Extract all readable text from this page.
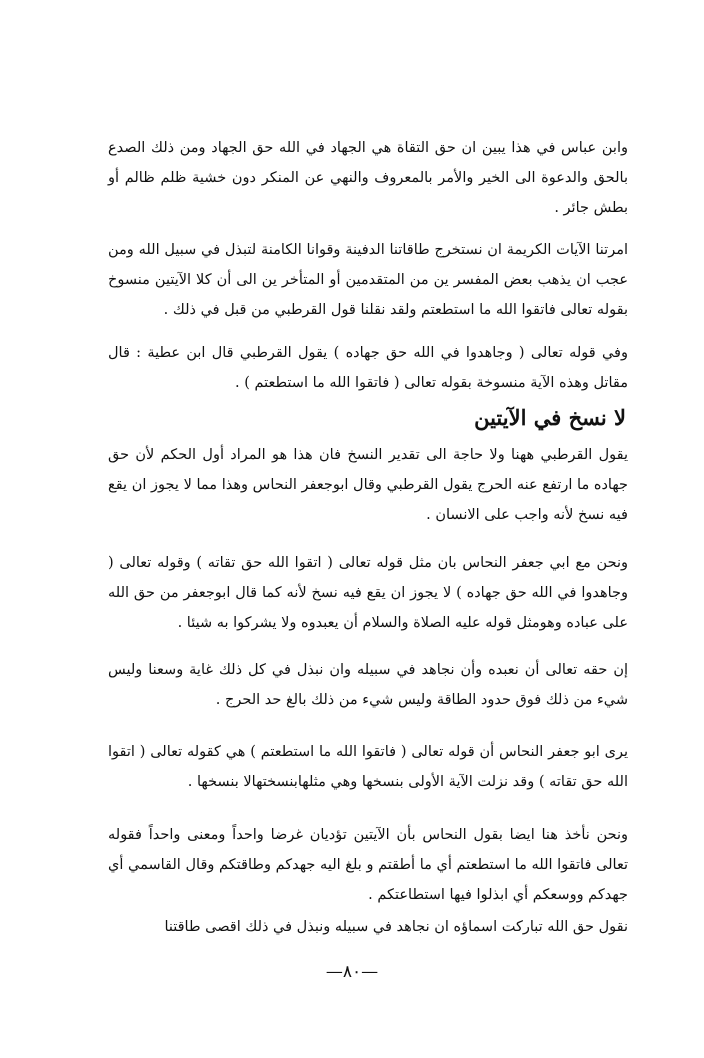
وابن عباس في هذا يبين ان حق التقاة هي الجهاد في الله حق الجهاد ومن ذلك الصدع بالحق والدعوة الى الخير والأمر بالمعروف والنهي عن المنكر دون خشية ظلم ظالم أو بطش جائر .

امرتنا الآيات الكريمة ان نستخرج طاقاتنا الدفينة وقوانا الكامنة لتبذل في سبيل الله ومن عجب ان يذهب بعض المفسر ين من المتقدمين أو المتأخر ين الى أن كلا الآيتين منسوخ بقوله تعالى فاتقوا الله ما استطعتم ولقد نقلنا قول القرطبي من قبل في ذلك .

وفي قوله تعالى ( وجاهدوا في الله حق جهاده ) يقول القرطبي قال ابن عطية : قال مقاتل وهذه الآية منسوخة بقوله تعالى ( فاتقوا الله ما استطعتم ) .

لا نسخ في الآيتين

يقول القرطبي ههنا ولا حاجة الى تقدير النسخ فان هذا هو المراد أول الحكم لأن حق جهاده ما ارتفع عنه الحرج يقول القرطبي وقال ابوجعفر النحاس وهذا مما لا يجوز ان يقع فيه نسخ لأنه واجب على الانسان .

ونحن مع ابي جعفر النحاس بان مثل قوله تعالى ( اتقوا الله حق تقاته ) وقوله تعالى ( وجاهدوا في الله حق جهاده ) لا يجوز ان يقع فيه نسخ لأنه كما قال ابوجعفر من حق الله على عباده وهومثل قوله عليه الصلاة والسلام أن يعبدوه ولا يشركوا به شيئا .

إن حقه تعالى أن نعبده وأن نجاهد في سبيله وان نبذل في كل ذلك غاية وسعنا وليس شيء من ذلك فوق حدود الطاقة وليس شيء من ذلك بالغ حد الحرج .

يرى ابو جعفر النحاس أن قوله تعالى ( فاتقوا الله ما استطعتم ) هي كقوله تعالى ( اتقوا الله حق تقاته ) وقد نزلت الآية الأولى بنسخها وهي مثلهابنسختهالا بنسخها .

ونحن نأخذ هنا ايضا بقول النحاس بأن الآيتين تؤديان غرضا واحداً ومعنى واحداً فقوله تعالى فاتقوا الله ما استطعتم أي ما أطقتم و بلغ اليه جهدكم وطاقتكم وقال القاسمي أي جهدكم ووسعكم أي ابذلوا فيها استطاعتكم .

نقول حق الله تباركت اسماؤه ان نجاهد في سبيله ونبذل في ذلك اقصى طاقتنا

—٨٠—
